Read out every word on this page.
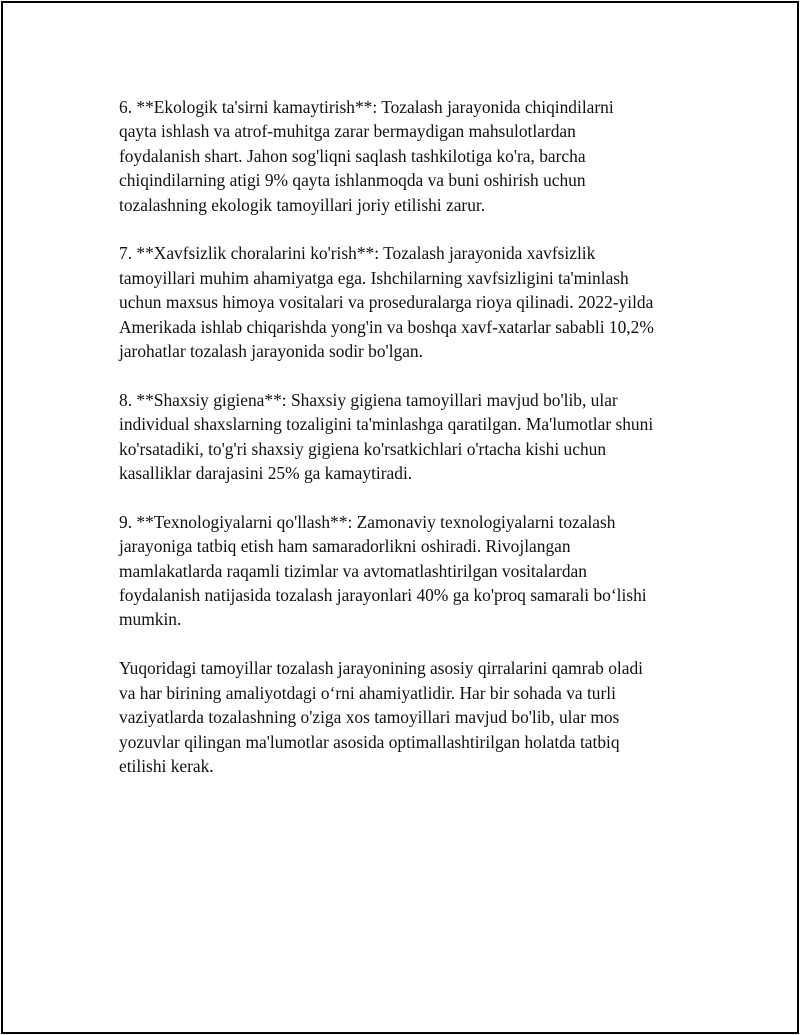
6. **Ekologik ta'sirni kamaytirish**: Tozalash jarayonida chiqindilarni
qayta ishlash va atrof-muhitga zarar bermaydigan mahsulotlardan
foydalanish shart. Jahon sog'liqni saqlash tashkilotiga ko'ra, barcha
chiqindilarning atigi 9% qayta ishlanmoqda va buni oshirish uchun
tozalashning ekologik tamoyillari joriy etilishi zarur.

7. **Xavfsizlik choralarini ko'rish**: Tozalash jarayonida xavfsizlik
tamoyillari muhim ahamiyatga ega. Ishchilarning xavfsizligini ta'minlash
uchun maxsus himoya vositalari va proseduralarga rioya qilinadi. 2022-yilda
Amerikada ishlab chiqarishda yong'in va boshqa xavf-xatarlar sababli 10,2%
jarohatlar tozalash jarayonida sodir bo'lgan.

8. **Shaxsiy gigiena**: Shaxsiy gigiena tamoyillari mavjud bo'lib, ular
individual shaxslarning tozaligini ta'minlashga qaratilgan. Ma'lumotlar shuni
ko'rsatadiki, to'g'ri shaxsiy gigiena ko'rsatkichlari o'rtacha kishi uchun
kasalliklar darajasini 25% ga kamaytiradi.

9. **Texnologiyalarni qo'llash**: Zamonaviy texnologiyalarni tozalash
jarayoniga tatbiq etish ham samaradorlikni oshiradi. Rivojlangan
mamlakatlarda raqamli tizimlar va avtomatlashtirilgan vositalardan
foydalanish natijasida tozalash jarayonlari 40% ga ko'proq samarali bo‘lishi
mumkin.

Yuqoridagi tamoyillar tozalash jarayonining asosiy qirralarini qamrab oladi
va har birining amaliyotdagi o‘rni ahamiyatlidir. Har bir sohada va turli
vaziyatlarda tozalashning o'ziga xos tamoyillari mavjud bo'lib, ular mos
yozuvlar qilingan ma'lumotlar asosida optimallashtirilgan holatda tatbiq
etilishi kerak.
